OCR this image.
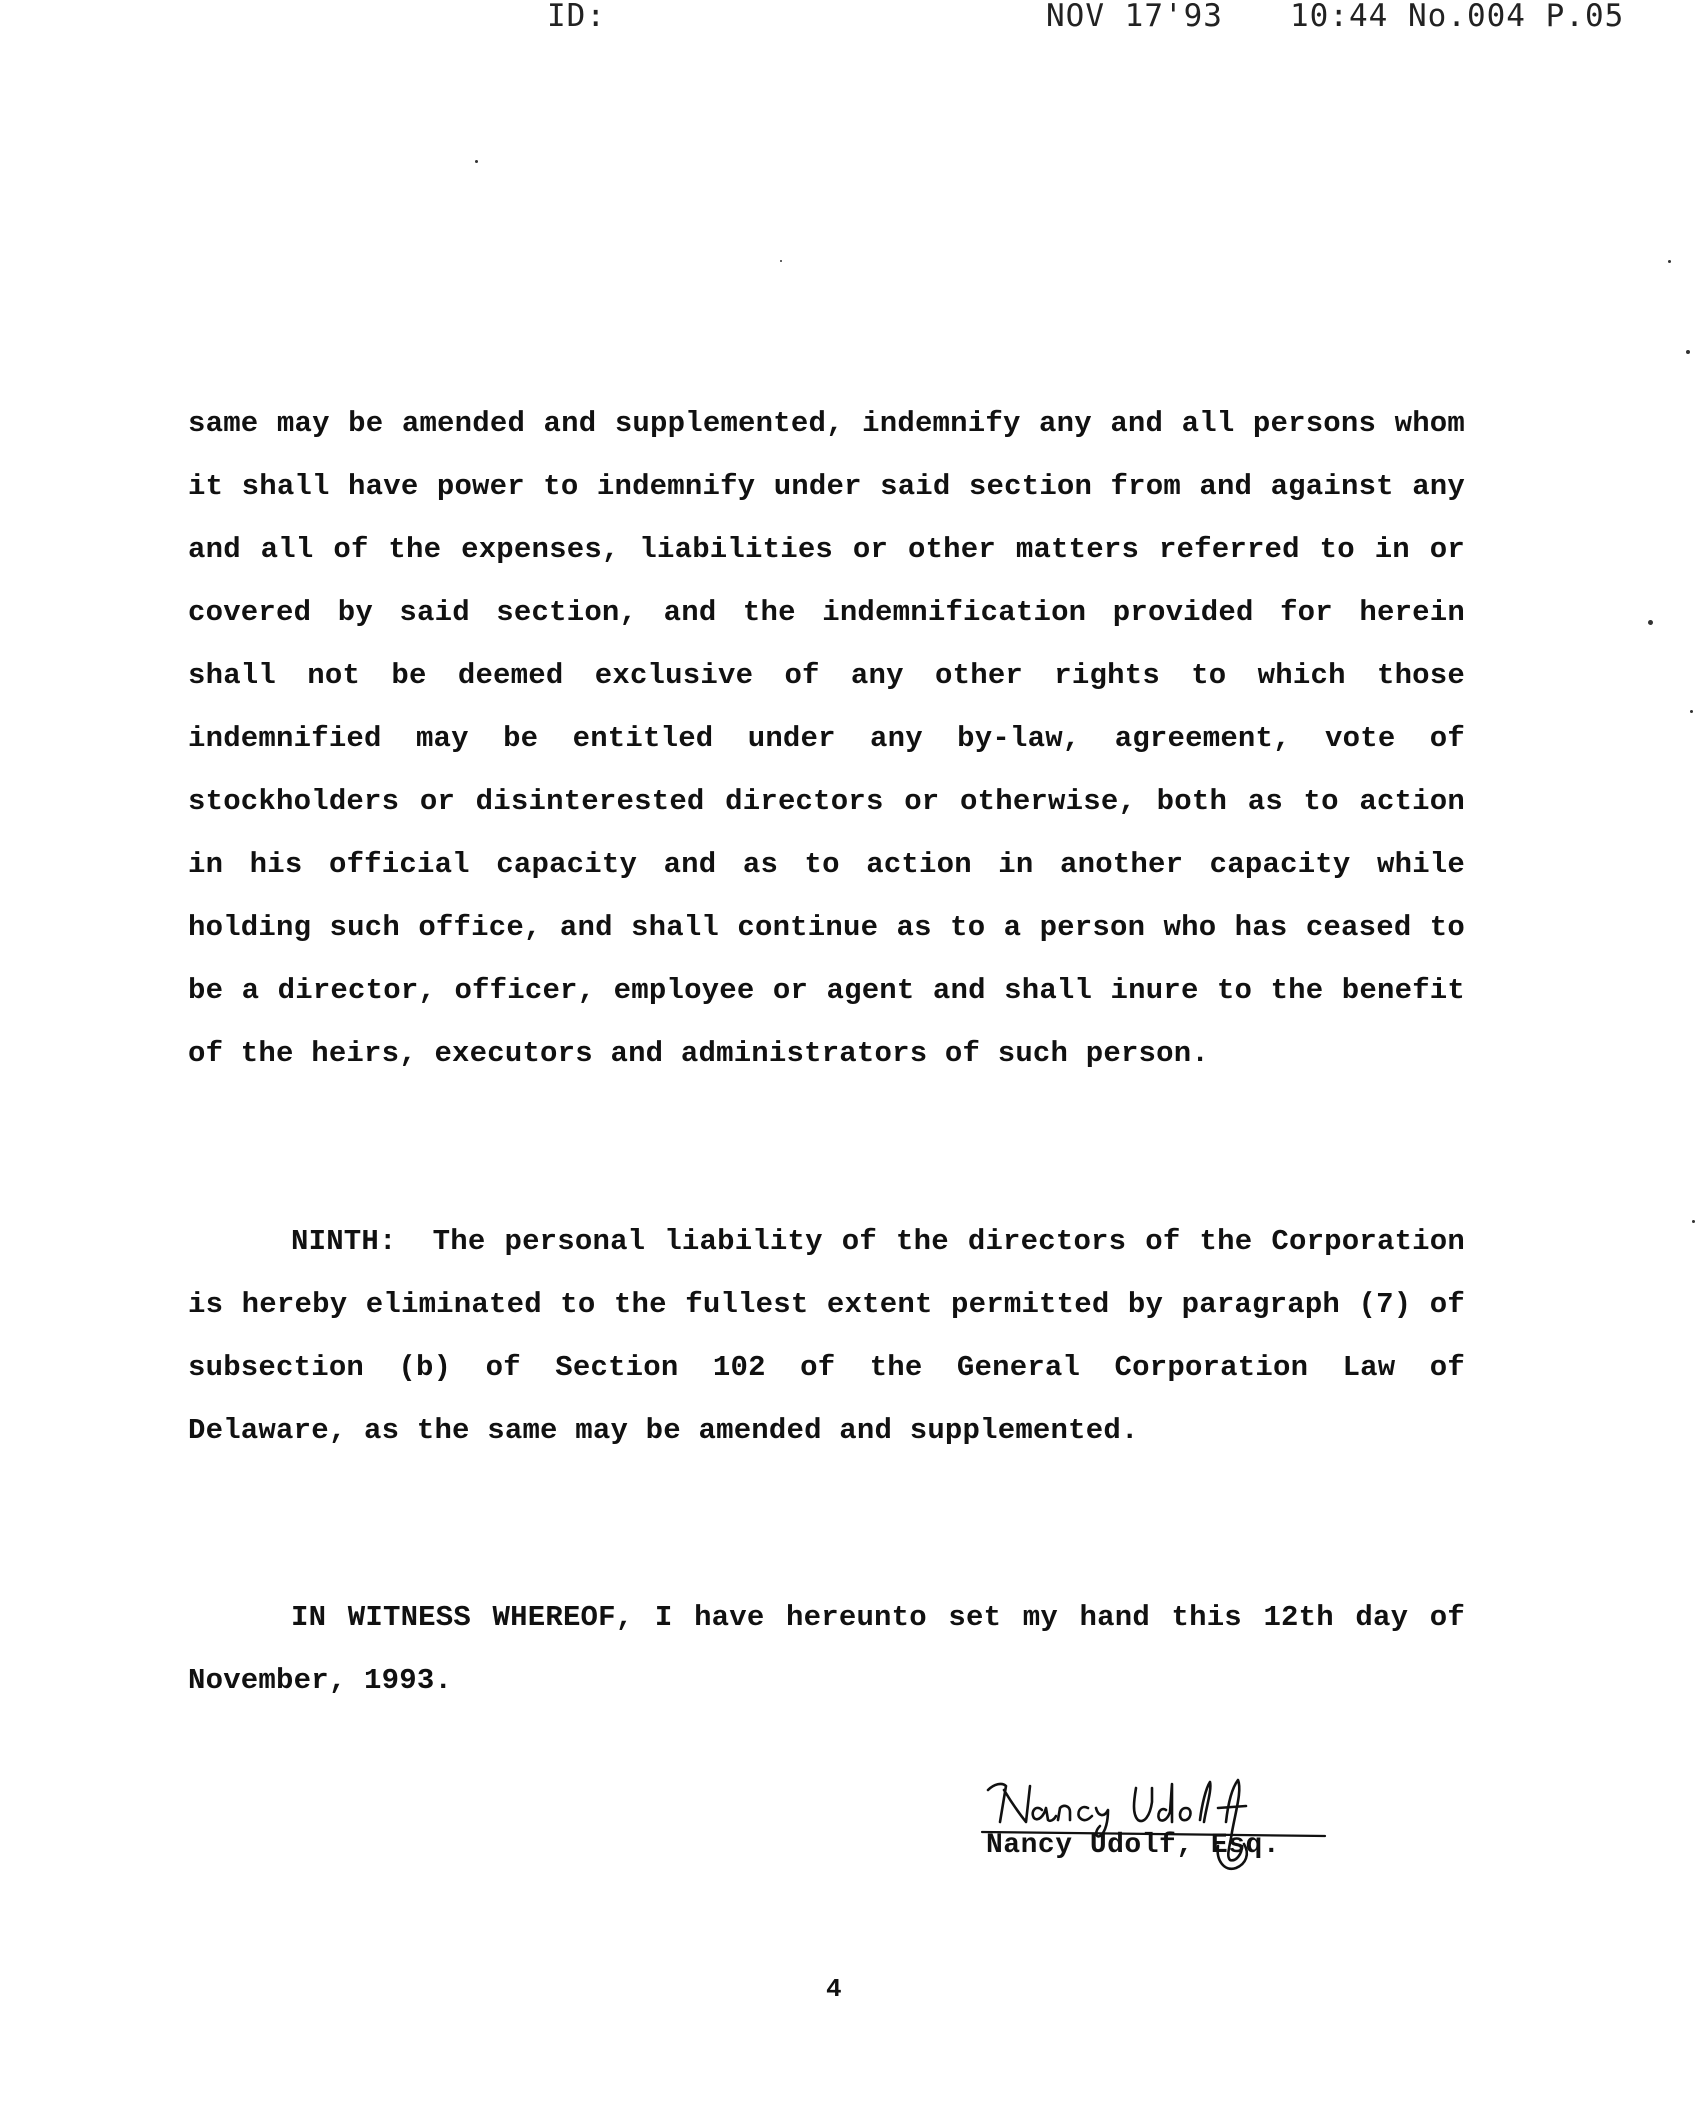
ID:	NOV 17'93 10:44 No.004 P.05
same may be amended and supplemented, indemnify any and all persons whom it shall have power to indemnify under said section from and against any and all of the expenses, liabilities or other matters referred to in or covered by said section, and the indemnification provided for herein shall not be deemed exclusive of any other rights to which those indemnified may be entitled under any by-law, agreement, vote of stockholders or disinterested directors or otherwise, both as to action in his official capacity and as to action in another capacity while holding such office, and shall continue as to a person who has ceased to be a director, officer, employee or agent and shall inure to the benefit of the heirs, executors and administrators of such person.
NINTH: The personal liability of the directors of the Corporation is hereby eliminated to the fullest extent permitted by paragraph (7) of subsection (b) of Section 102 of the General Corporation Law of Delaware, as the same may be amended and supplemented.
IN WITNESS WHEREOF, I have hereunto set my hand this 12th day of November, 1993.
Nancy Udolf, Esq.
4
